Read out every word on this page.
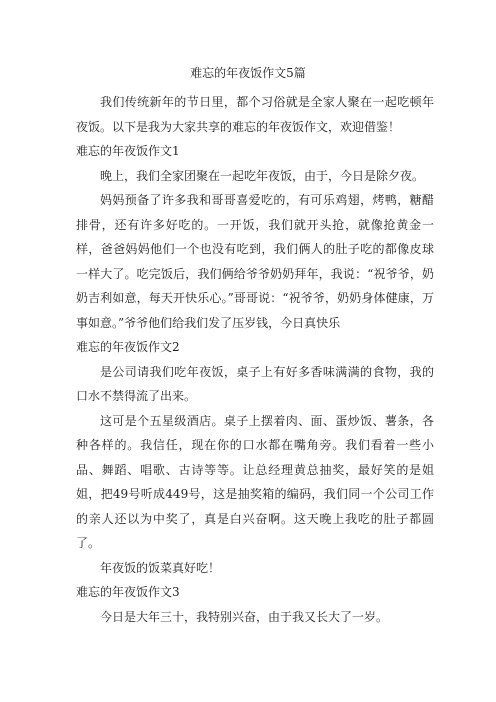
难忘的年夜饭作文5篇

我们传统新年的节日里，都个习俗就是全家人聚在一起吃顿年夜饭。以下是我为大家共享的难忘的年夜饭作文，欢迎借鉴！

难忘的年夜饭作文1

晚上，我们全家团聚在一起吃年夜饭，由于，今日是除夕夜。

妈妈预备了许多我和哥哥喜爱吃的，有可乐鸡翅，烤鸭，糖醋排骨，还有许多好吃的。一开饭，我们就开头抢，就像抢黄金一样，爸爸妈妈他们一个也没有吃到，我们俩人的肚子吃的都像皮球一样大了。吃完饭后，我们俩给爷爷奶奶拜年，我说：“祝爷爷，奶奶吉利如意，每天开快乐心。”哥哥说：“祝爷爷，奶奶身体健康，万事如意。”爷爷他们给我们发了压岁钱，今日真快乐

难忘的年夜饭作文2

是公司请我们吃年夜饭，桌子上有好多香味满满的食物，我的口水不禁得流了出来。

这可是个五星级酒店。桌子上摆着肉、面、蛋炒饭、薯条，各种各样的。我信任，现在你的口水都在嘴角旁。我们看着一些小品、舞蹈、唱歌、古诗等等。让总经理黄总抽奖，最好笑的是姐姐，把49号听成449号，这是抽奖箱的编码，我们同一个公司工作的亲人还以为中奖了，真是白兴奋啊。这天晚上我吃的肚子都圆了。

年夜饭的饭菜真好吃！

难忘的年夜饭作文3

今日是大年三十，我特别兴奋，由于我又长大了一岁。
